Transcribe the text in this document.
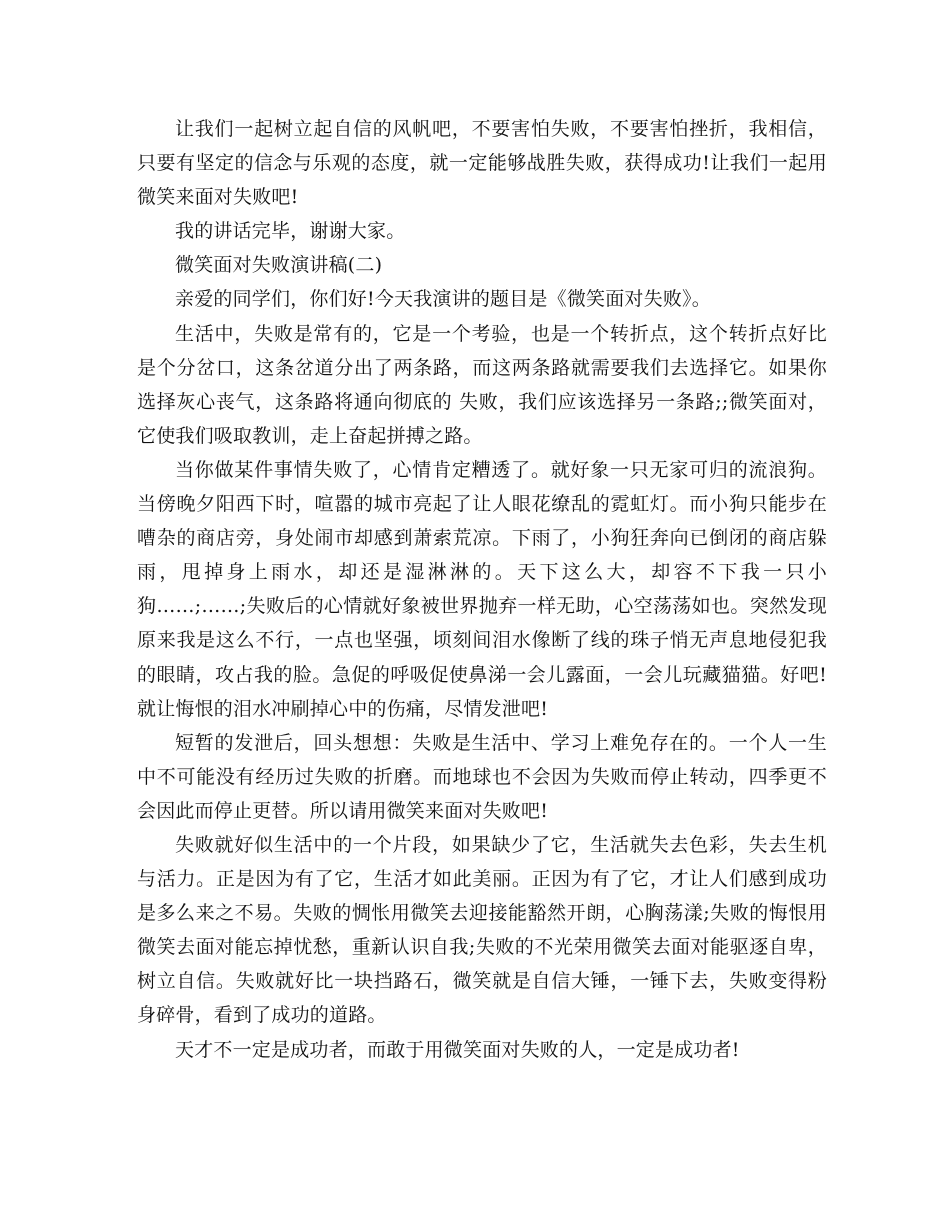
让我们一起树立起自信的风帆吧，不要害怕失败，不要害怕挫折，我相信，只要有坚定的信念与乐观的态度，就一定能够战胜失败，获得成功!让我们一起用微笑来面对失败吧!

我的讲话完毕，谢谢大家。

微笑面对失败演讲稿(二)

亲爱的同学们，你们好!今天我演讲的题目是《微笑面对失败》。

生活中，失败是常有的，它是一个考验，也是一个转折点，这个转折点好比是个分岔口，这条岔道分出了两条路，而这两条路就需要我们去选择它。如果你选择灰心丧气，这条路将通向彻底的 失败，我们应该选择另一条路;;微笑面对，它使我们吸取教训，走上奋起拼搏之路。

当你做某件事情失败了，心情肯定糟透了。就好象一只无家可归的流浪狗。当傍晚夕阳西下时，喧嚣的城市亮起了让人眼花缭乱的霓虹灯。而小狗只能步在嘈杂的商店旁，身处闹市却感到萧索荒凉。下雨了，小狗狂奔向已倒闭的商店躲雨，甩掉身上雨水，却还是湿淋淋的。天下这么大，却容不下我一只小狗……;……;失败后的心情就好象被世界抛弃一样无助，心空荡荡如也。突然发现原来我是这么不行，一点也坚强，顷刻间泪水像断了线的珠子悄无声息地侵犯我的眼睛，攻占我的脸。急促的呼吸促使鼻涕一会儿露面，一会儿玩藏猫猫。好吧!就让悔恨的泪水冲刷掉心中的伤痛，尽情发泄吧!

短暂的发泄后，回头想想：失败是生活中、学习上难免存在的。一个人一生中不可能没有经历过失败的折磨。而地球也不会因为失败而停止转动，四季更不会因此而停止更替。所以请用微笑来面对失败吧!

失败就好似生活中的一个片段，如果缺少了它，生活就失去色彩，失去生机与活力。正是因为有了它，生活才如此美丽。正因为有了它，才让人们感到成功是多么来之不易。失败的惆怅用微笑去迎接能豁然开朗，心胸荡漾;失败的悔恨用微笑去面对能忘掉忧愁，重新认识自我;失败的不光荣用微笑去面对能驱逐自卑，树立自信。失败就好比一块挡路石，微笑就是自信大锤，一锤下去，失败变得粉身碎骨，看到了成功的道路。

天才不一定是成功者，而敢于用微笑面对失败的人，一定是成功者!
